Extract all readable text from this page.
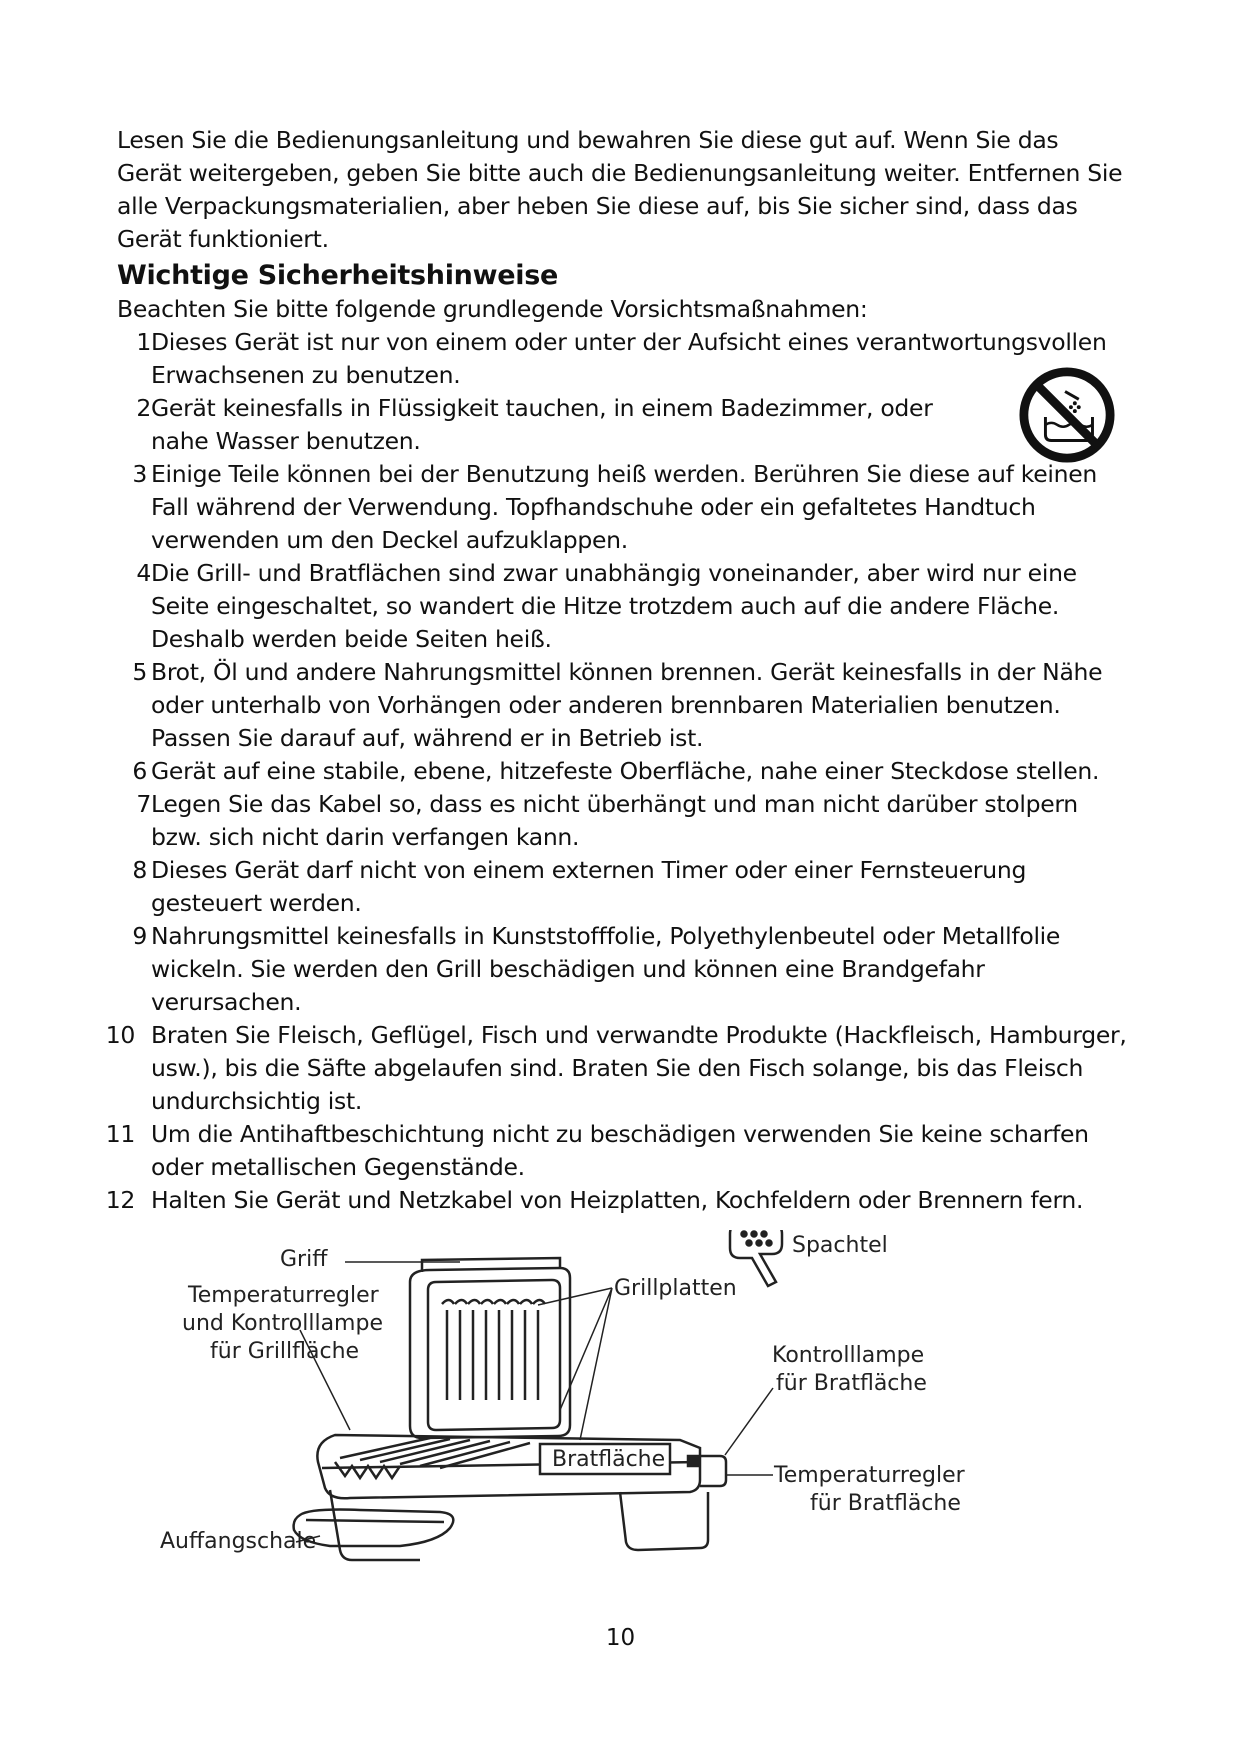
Lesen Sie die Bedienungsanleitung und bewahren Sie diese gut auf. Wenn Sie das Gerät weitergeben, geben Sie bitte auch die Bedienungsanleitung weiter. Entfernen Sie alle Verpackungsmaterialien, aber heben Sie diese auf, bis Sie sicher sind, dass das Gerät funktioniert.

Wichtige Sicherheitshinweise

Beachten Sie bitte folgende grundlegende Vorsichtsmaßnahmen:

1 Dieses Gerät ist nur von einem oder unter der Aufsicht eines verantwortungsvollen Erwachsenen zu benutzen.
2 Gerät keinesfalls in Flüssigkeit tauchen, in einem Badezimmer, oder nahe Wasser benutzen.
3 Einige Teile können bei der Benutzung heiß werden. Berühren Sie diese auf keinen Fall während der Verwendung. Topfhandschuhe oder ein gefaltetes Handtuch verwenden um den Deckel aufzuklappen.
4 Die Grill- und Bratflächen sind zwar unabhängig voneinander, aber wird nur eine Seite eingeschaltet, so wandert die Hitze trotzdem auch auf die andere Fläche. Deshalb werden beide Seiten heiß.
5 Brot, Öl und andere Nahrungsmittel können brennen. Gerät keinesfalls in der Nähe oder unterhalb von Vorhängen oder anderen brennbaren Materialien benutzen. Passen Sie darauf auf, während er in Betrieb ist.
6 Gerät auf eine stabile, ebene, hitzefeste Oberfläche, nahe einer Steckdose stellen.
7 Legen Sie das Kabel so, dass es nicht überhängt und man nicht darüber stolpern bzw. sich nicht darin verfangen kann.
8 Dieses Gerät darf nicht von einem externen Timer oder einer Fernsteuerung gesteuert werden.
9 Nahrungsmittel keinesfalls in Kunststofffolie, Polyethylenbeutel oder Metallfolie wickeln. Sie werden den Grill beschädigen und können eine Brandgefahr verursachen.
10 Braten Sie Fleisch, Geflügel, Fisch und verwandte Produkte (Hackfleisch, Hamburger, usw.), bis die Säfte abgelaufen sind. Braten Sie den Fisch solange, bis das Fleisch undurchsichtig ist.
11 Um die Antihaftbeschichtung nicht zu beschädigen verwenden Sie keine scharfen oder metallischen Gegenstände.
12 Halten Sie Gerät und Netzkabel von Heizplatten, Kochfeldern oder Brennern fern.
Griff
Temperaturregler
und Kontrolllampe
für Grillfläche
Grillplatten
Spachtel
Kontrolllampe
für Bratfläche
Bratfläche
Temperaturregler
für Bratfläche
Auffangschale
10
